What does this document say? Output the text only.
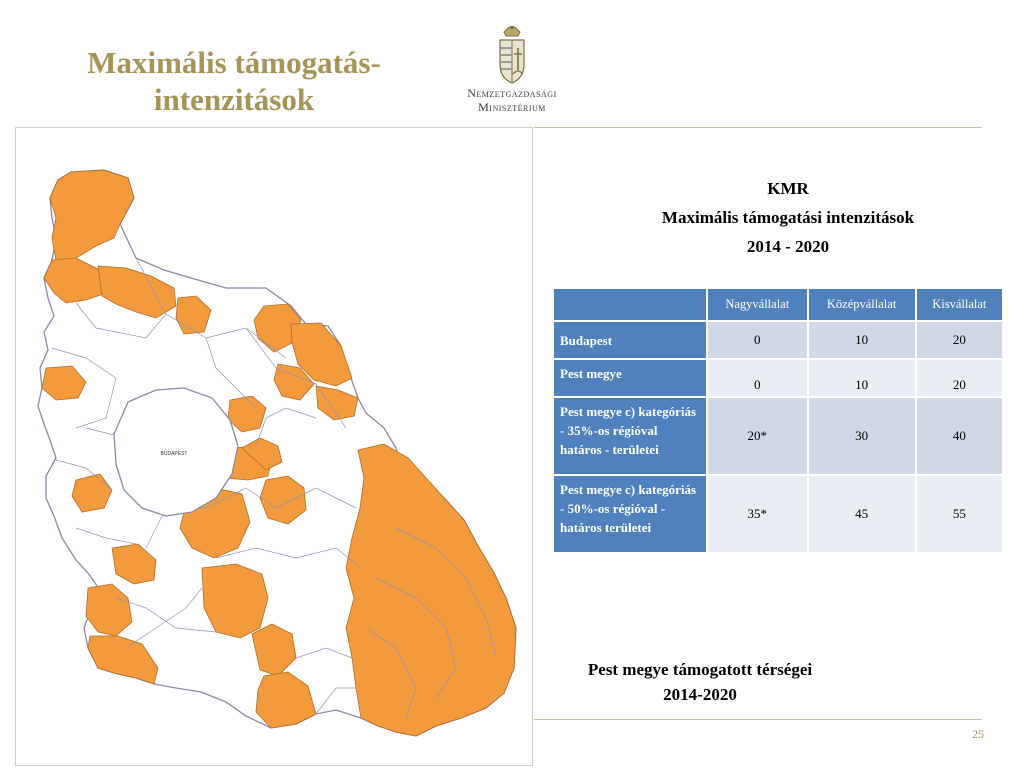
Maximális támogatás-intenzitások	Nemzetgazdasági
Minisztérium
BUDAPEST
KMR
Maximális támogatási intenzitások
2014 - 2020
	Nagyvállalat	Középvállalat	Kisvállalat
Budapest	0	10	20
Pest megye	0	10	20
Pest megye c) kategóriás - 35%-os régióval határos - területei	20*	30	40
Pest megye c) kategóriás - 50%-os régióval - határos területei	35*	45	55
Pest megye támogatott térségei
2014-2020
25
